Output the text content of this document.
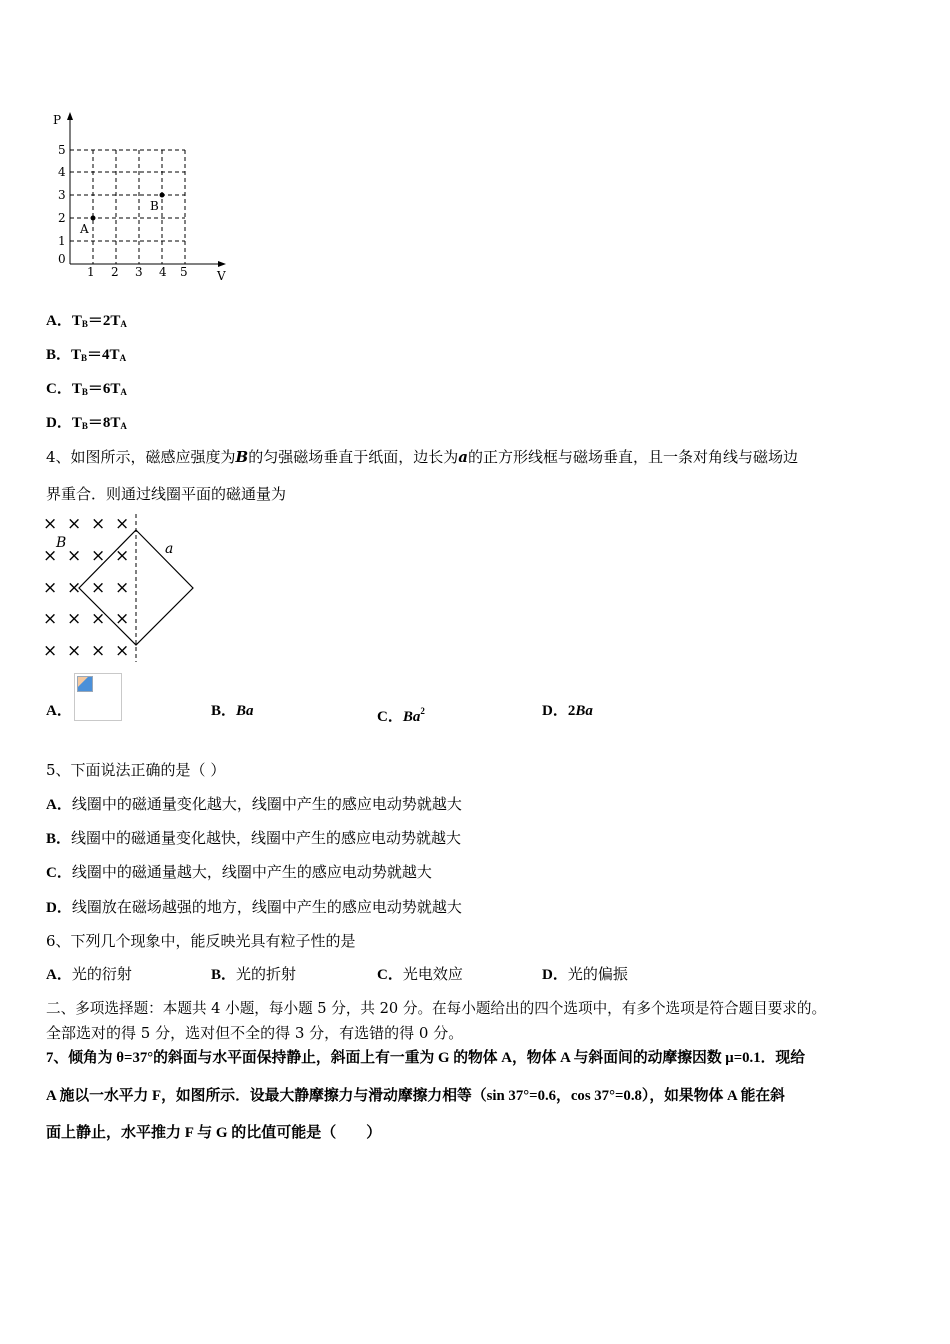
P
V
0
1
2
3
4
5
1 2 3 4 5
A
B
A．$T_B=2T_A$
B．$T_B=4T_A$
C．$T_B=6T_A$
D．$T_B=8T_A$
4、如图所示，磁感应强度为B的匀强磁场垂直于纸面，边长为a的正方形线框与磁场垂直，且一条对角线与磁场边
界重合．则通过线圈平面的磁通量为
× × × ×
× × × ×
× × × ×
× × × ×
× × × ×
B	a
A．	B．Ba	C．Ba$^2$	D．2Ba
5、下面说法正确的是（ ）
A．线圈中的磁通量变化越大，线圈中产生的感应电动势就越大
B．线圈中的磁通量变化越快，线圈中产生的感应电动势就越大
C．线圈中的磁通量越大，线圈中产生的感应电动势就越大
D．线圈放在磁场越强的地方，线圈中产生的感应电动势就越大
6、下列几个现象中，能反映光具有粒子性的是
A．光的衍射	B．光的折射	C．光电效应	D．光的偏振
二、多项选择题：本题共 4 小题，每小题 5 分，共 20 分。在每小题给出的四个选项中，有多个选项是符合题目要求的。
全部选对的得 5 分，选对但不全的得 3 分，有选错的得 0 分。
7、倾角为 θ=37°的斜面与水平面保持静止，斜面上有一重为 G 的物体 A，物体 A 与斜面间的动摩擦因数 μ=0.1．现给
A 施以一水平力 F，如图所示．设最大静摩擦力与滑动摩擦力相等（sin 37°=0.6，cos 37°=0.8），如果物体 A 能在斜
面上静止，水平推力 F 与 G 的比值可能是（　　）
